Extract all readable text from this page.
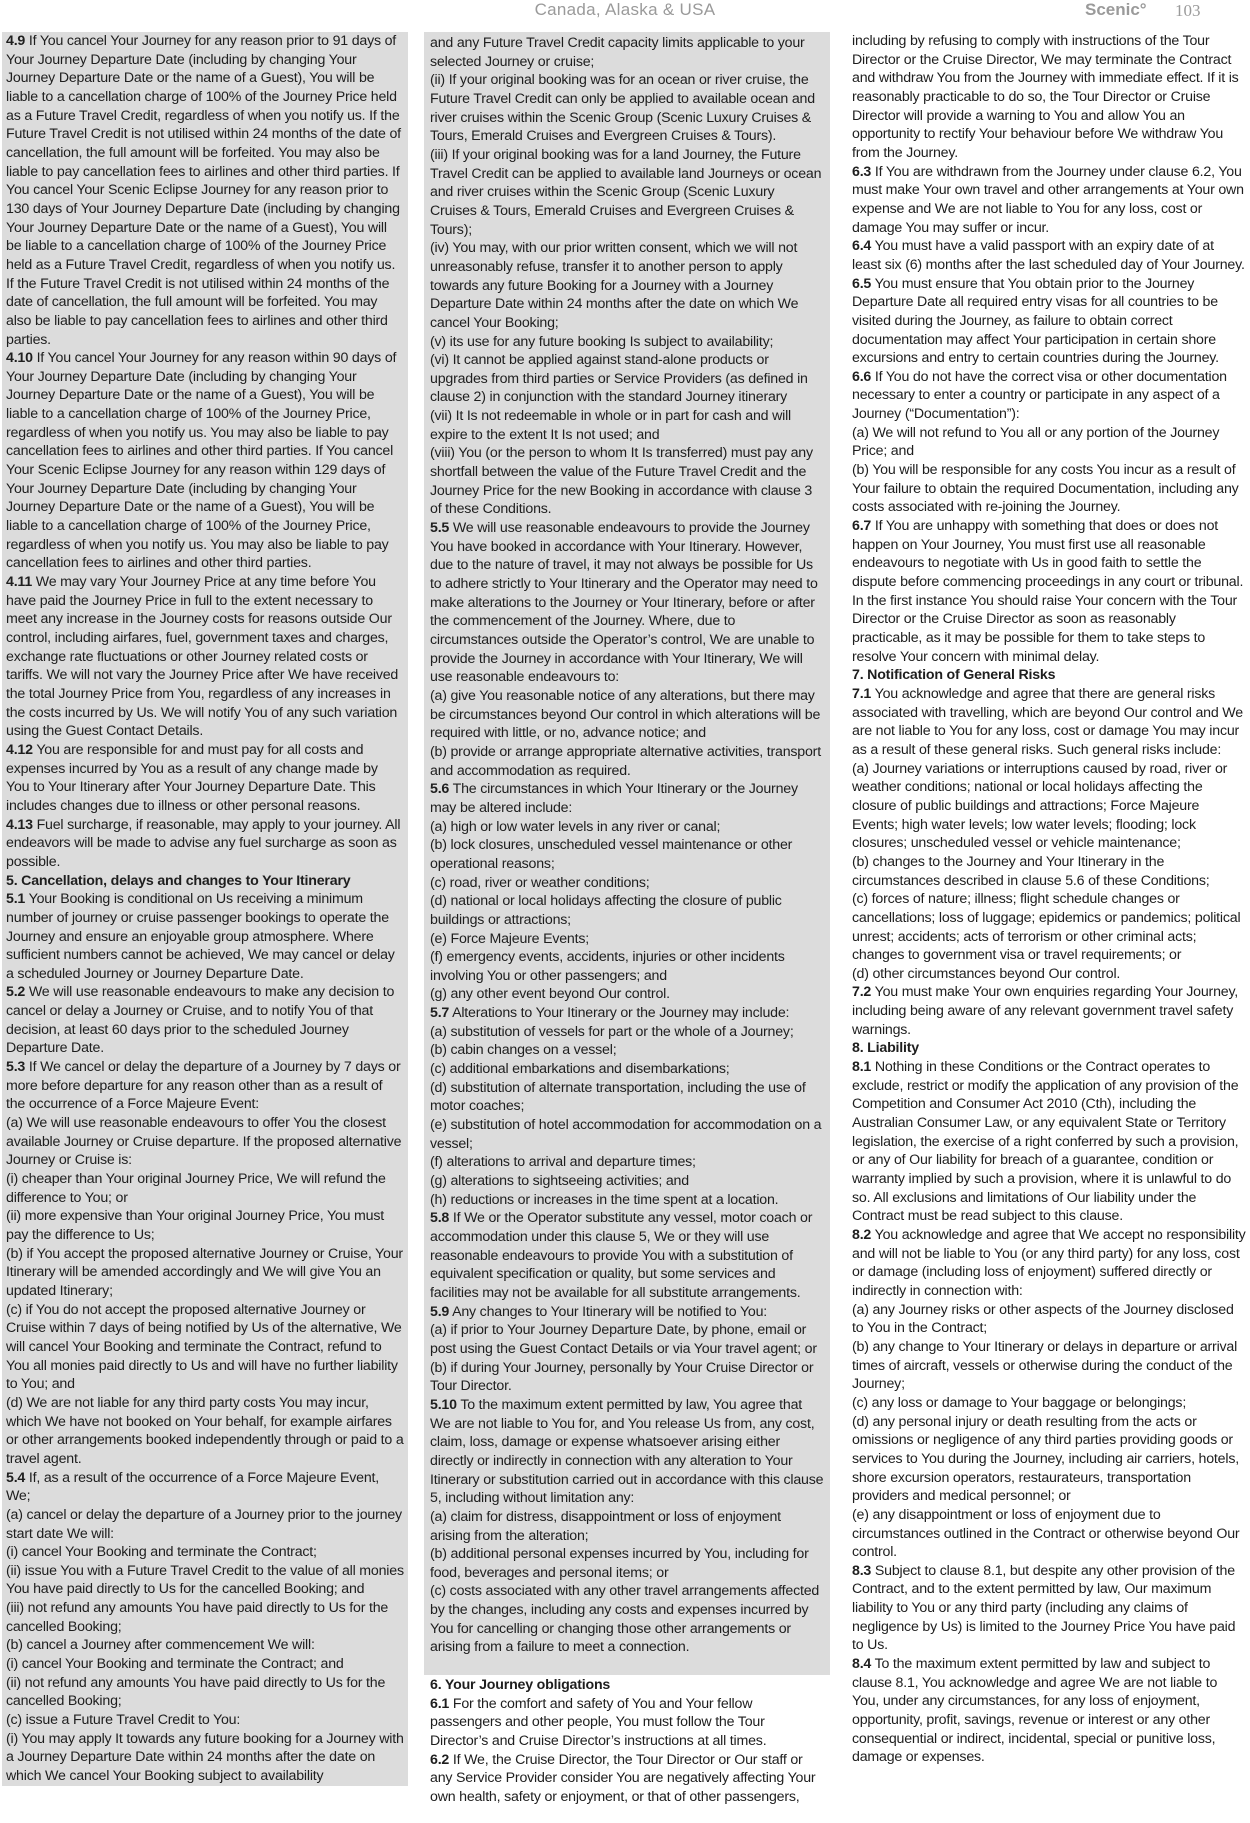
Canada, Alaska & USA	Scenic° 103

4.9 If You cancel Your Journey for any reason prior to 91 days of Your Journey Departure Date (including by changing Your Journey Departure Date or the name of a Guest), You will be liable to a cancellation charge of 100% of the Journey Price held as a Future Travel Credit, regardless of when you notify us. If the Future Travel Credit is not utilised within 24 months of the date of cancellation, the full amount will be forfeited. You may also be liable to pay cancellation fees to airlines and other third parties. If You cancel Your Scenic Eclipse Journey for any reason prior to 130 days of Your Journey Departure Date (including by changing Your Journey Departure Date or the name of a Guest), You will be liable to a cancellation charge of 100% of the Journey Price held as a Future Travel Credit, regardless of when you notify us. If the Future Travel Credit is not utilised within 24 months of the date of cancellation, the full amount will be forfeited. You may also be liable to pay cancellation fees to airlines and other third parties.

4.10 If You cancel Your Journey for any reason within 90 days of Your Journey Departure Date (including by changing Your Journey Departure Date or the name of a Guest), You will be liable to a cancellation charge of 100% of the Journey Price, regardless of when you notify us. You may also be liable to pay cancellation fees to airlines and other third parties. If You cancel Your Scenic Eclipse Journey for any reason within 129 days of Your Journey Departure Date (including by changing Your Journey Departure Date or the name of a Guest), You will be liable to a cancellation charge of 100% of the Journey Price, regardless of when you notify us. You may also be liable to pay cancellation fees to airlines and other third parties.

4.11 We may vary Your Journey Price at any time before You have paid the Journey Price in full to the extent necessary to meet any increase in the Journey costs for reasons outside Our control, including airfares, fuel, government taxes and charges, exchange rate fluctuations or other Journey related costs or tariffs. We will not vary the Journey Price after We have received the total Journey Price from You, regardless of any increases in the costs incurred by Us. We will notify You of any such variation using the Guest Contact Details.

4.12 You are responsible for and must pay for all costs and expenses incurred by You as a result of any change made by You to Your Itinerary after Your Journey Departure Date. This includes changes due to illness or other personal reasons.

4.13 Fuel surcharge, if reasonable, may apply to your journey. All endeavors will be made to advise any fuel surcharge as soon as possible.

5. Cancellation, delays and changes to Your Itinerary

5.1 Your Booking is conditional on Us receiving a minimum number of journey or cruise passenger bookings to operate the Journey and ensure an enjoyable group atmosphere. Where sufficient numbers cannot be achieved, We may cancel or delay a scheduled Journey or Journey Departure Date.

5.2 We will use reasonable endeavours to make any decision to cancel or delay a Journey or Cruise, and to notify You of that decision, at least 60 days prior to the scheduled Journey Departure Date.

5.3 If We cancel or delay the departure of a Journey by 7 days or more before departure for any reason other than as a result of the occurrence of a Force Majeure Event:
(a) We will use reasonable endeavours to offer You the closest available Journey or Cruise departure. If the proposed alternative Journey or Cruise is:
(i) cheaper than Your original Journey Price, We will refund the difference to You; or
(ii) more expensive than Your original Journey Price, You must pay the difference to Us;
(b) if You accept the proposed alternative Journey or Cruise, Your Itinerary will be amended accordingly and We will give You an updated Itinerary;
(c) if You do not accept the proposed alternative Journey or Cruise within 7 days of being notified by Us of the alternative, We will cancel Your Booking and terminate the Contract, refund to You all monies paid directly to Us and will have no further liability to You; and
(d) We are not liable for any third party costs You may incur, which We have not booked on Your behalf, for example airfares or other arrangements booked independently through or paid to a travel agent.

5.4 If, as a result of the occurrence of a Force Majeure Event, We;
(a) cancel or delay the departure of a Journey prior to the journey start date We will:
(i) cancel Your Booking and terminate the Contract;
(ii) issue You with a Future Travel Credit to the value of all monies You have paid directly to Us for the cancelled Booking; and
(iii) not refund any amounts You have paid directly to Us for the cancelled Booking;
(b) cancel a Journey after commencement We will:
(i) cancel Your Booking and terminate the Contract; and
(ii) not refund any amounts You have paid directly to Us for the cancelled Booking;
(c) issue a Future Travel Credit to You:
(i) You may apply It towards any future booking for a Journey with a Journey Departure Date within 24 months after the date on which We cancel Your Booking subject to availability

and any Future Travel Credit capacity limits applicable to your selected Journey or cruise;
(ii) If your original booking was for an ocean or river cruise, the Future Travel Credit can only be applied to available ocean and river cruises within the Scenic Group (Scenic Luxury Cruises & Tours, Emerald Cruises and Evergreen Cruises & Tours).
(iii) If your original booking was for a land Journey, the Future Travel Credit can be applied to available land Journeys or ocean and river cruises within the Scenic Group (Scenic Luxury Cruises & Tours, Emerald Cruises and Evergreen Cruises & Tours);
(iv) You may, with our prior written consent, which we will not unreasonably refuse, transfer it to another person to apply towards any future Booking for a Journey with a Journey Departure Date within 24 months after the date on which We cancel Your Booking;
(v) its use for any future booking Is subject to availability;
(vi) It cannot be applied against stand-alone products or upgrades from third parties or Service Providers (as defined in clause 2) in conjunction with the standard Journey itinerary
(vii) It Is not redeemable in whole or in part for cash and will expire to the extent It Is not used; and
(viii) You (or the person to whom It Is transferred) must pay any shortfall between the value of the Future Travel Credit and the Journey Price for the new Booking in accordance with clause 3 of these Conditions.

5.5 We will use reasonable endeavours to provide the Journey You have booked in accordance with Your Itinerary. However, due to the nature of travel, it may not always be possible for Us to adhere strictly to Your Itinerary and the Operator may need to make alterations to the Journey or Your Itinerary, before or after the commencement of the Journey. Where, due to circumstances outside the Operator’s control, We are unable to provide the Journey in accordance with Your Itinerary, We will use reasonable endeavours to:
(a) give You reasonable notice of any alterations, but there may be circumstances beyond Our control in which alterations will be required with little, or no, advance notice; and
(b) provide or arrange appropriate alternative activities, transport and accommodation as required.

5.6 The circumstances in which Your Itinerary or the Journey may be altered include:
(a) high or low water levels in any river or canal;
(b) lock closures, unscheduled vessel maintenance or other operational reasons;
(c) road, river or weather conditions;
(d) national or local holidays affecting the closure of public buildings or attractions;
(e) Force Majeure Events;
(f) emergency events, accidents, injuries or other incidents involving You or other passengers; and
(g) any other event beyond Our control.

5.7 Alterations to Your Itinerary or the Journey may include:
(a) substitution of vessels for part or the whole of a Journey;
(b) cabin changes on a vessel;
(c) additional embarkations and disembarkations;
(d) substitution of alternate transportation, including the use of motor coaches;
(e) substitution of hotel accommodation for accommodation on a vessel;
(f) alterations to arrival and departure times;
(g) alterations to sightseeing activities; and
(h) reductions or increases in the time spent at a location.

5.8 If We or the Operator substitute any vessel, motor coach or accommodation under this clause 5, We or they will use reasonable endeavours to provide You with a substitution of equivalent specification or quality, but some services and facilities may not be available for all substitute arrangements.

5.9 Any changes to Your Itinerary will be notified to You:
(a) if prior to Your Journey Departure Date, by phone, email or post using the Guest Contact Details or via Your travel agent; or
(b) if during Your Journey, personally by Your Cruise Director or Tour Director.

5.10 To the maximum extent permitted by law, You agree that We are not liable to You for, and You release Us from, any cost, claim, loss, damage or expense whatsoever arising either directly or indirectly in connection with any alteration to Your Itinerary or substitution carried out in accordance with this clause 5, including without limitation any:
(a) claim for distress, disappointment or loss of enjoyment arising from the alteration;
(b) additional personal expenses incurred by You, including for food, beverages and personal items; or
(c) costs associated with any other travel arrangements affected by the changes, including any costs and expenses incurred by You for cancelling or changing those other arrangements or arising from a failure to meet a connection.

6. Your Journey obligations

6.1 For the comfort and safety of You and Your fellow passengers and other people, You must follow the Tour Director’s and Cruise Director’s instructions at all times.

6.2 If We, the Cruise Director, the Tour Director or Our staff or any Service Provider consider You are negatively affecting Your own health, safety or enjoyment, or that of other passengers,

including by refusing to comply with instructions of the Tour Director or the Cruise Director, We may terminate the Contract and withdraw You from the Journey with immediate effect. If it is reasonably practicable to do so, the Tour Director or Cruise Director will provide a warning to You and allow You an opportunity to rectify Your behaviour before We withdraw You from the Journey.

6.3 If You are withdrawn from the Journey under clause 6.2, You must make Your own travel and other arrangements at Your own expense and We are not liable to You for any loss, cost or damage You may suffer or incur.

6.4 You must have a valid passport with an expiry date of at least six (6) months after the last scheduled day of Your Journey.

6.5 You must ensure that You obtain prior to the Journey Departure Date all required entry visas for all countries to be visited during the Journey, as failure to obtain correct documentation may affect Your participation in certain shore excursions and entry to certain countries during the Journey.

6.6 If You do not have the correct visa or other documentation necessary to enter a country or participate in any aspect of a Journey (“Documentation”):
(a) We will not refund to You all or any portion of the Journey Price; and
(b) You will be responsible for any costs You incur as a result of Your failure to obtain the required Documentation, including any costs associated with re-joining the Journey.

6.7 If You are unhappy with something that does or does not happen on Your Journey, You must first use all reasonable endeavours to negotiate with Us in good faith to settle the dispute before commencing proceedings in any court or tribunal. In the first instance You should raise Your concern with the Tour Director or the Cruise Director as soon as reasonably practicable, as it may be possible for them to take steps to resolve Your concern with minimal delay.

7. Notification of General Risks

7.1 You acknowledge and agree that there are general risks associated with travelling, which are beyond Our control and We are not liable to You for any loss, cost or damage You may incur as a result of these general risks. Such general risks include:
(a) Journey variations or interruptions caused by road, river or weather conditions; national or local holidays affecting the closure of public buildings and attractions; Force Majeure Events; high water levels; low water levels; flooding; lock closures; unscheduled vessel or vehicle maintenance;
(b) changes to the Journey and Your Itinerary in the circumstances described in clause 5.6 of these Conditions;
(c) forces of nature; illness; flight schedule changes or cancellations; loss of luggage; epidemics or pandemics; political unrest; accidents; acts of terrorism or other criminal acts; changes to government visa or travel requirements; or
(d) other circumstances beyond Our control.

7.2 You must make Your own enquiries regarding Your Journey, including being aware of any relevant government travel safety warnings.

8. Liability

8.1 Nothing in these Conditions or the Contract operates to exclude, restrict or modify the application of any provision of the Competition and Consumer Act 2010 (Cth), including the Australian Consumer Law, or any equivalent State or Territory legislation, the exercise of a right conferred by such a provision, or any of Our liability for breach of a guarantee, condition or warranty implied by such a provision, where it is unlawful to do so. All exclusions and limitations of Our liability under the Contract must be read subject to this clause.

8.2 You acknowledge and agree that We accept no responsibility and will not be liable to You (or any third party) for any loss, cost or damage (including loss of enjoyment) suffered directly or indirectly in connection with:
(a) any Journey risks or other aspects of the Journey disclosed to You in the Contract;
(b) any change to Your Itinerary or delays in departure or arrival times of aircraft, vessels or otherwise during the conduct of the Journey;
(c) any loss or damage to Your baggage or belongings;
(d) any personal injury or death resulting from the acts or omissions or negligence of any third parties providing goods or services to You during the Journey, including air carriers, hotels, shore excursion operators, restaurateurs, transportation providers and medical personnel; or
(e) any disappointment or loss of enjoyment due to circumstances outlined in the Contract or otherwise beyond Our control.

8.3 Subject to clause 8.1, but despite any other provision of the Contract, and to the extent permitted by law, Our maximum liability to You or any third party (including any claims of negligence by Us) is limited to the Journey Price You have paid to Us.

8.4 To the maximum extent permitted by law and subject to clause 8.1, You acknowledge and agree We are not liable to You, under any circumstances, for any loss of enjoyment, opportunity, profit, savings, revenue or interest or any other consequential or indirect, incidental, special or punitive loss, damage or expenses.
